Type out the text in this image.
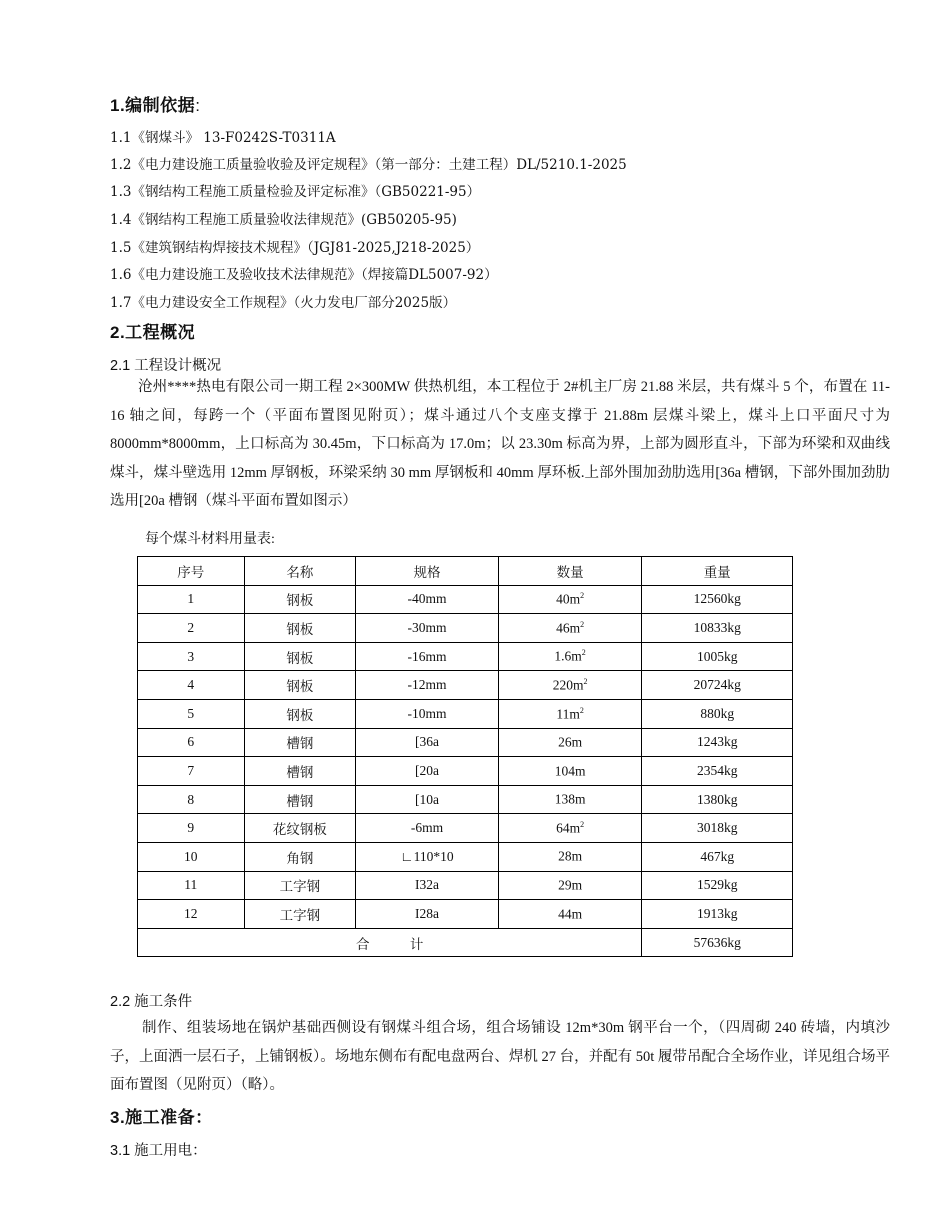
1.编制依据:
1.1《钢煤斗》 13-F0242S-T0311A
1.2《电力建设施工质量验收验及评定规程》（第一部分：土建工程）DL/5210.1-2025
1.3《钢结构工程施工质量检验及评定标准》（GB50221-95）
1.4《钢结构工程施工质量验收法律规范》(GB50205-95)
1.5《建筑钢结构焊接技术规程》（JGJ81-2025,J218-2025）
1.6《电力建设施工及验收技术法律规范》（焊接篇DL5007-92）
1.7《电力建设安全工作规程》（火力发电厂部分2025版）
2.工程概况
2.1 工程设计概况
沧州****热电有限公司一期工程 2×300MW 供热机组，本工程位于 2#机主厂房 21.88 米层，共有煤斗 5 个，布置在 11-16 轴之间，每跨一个（平面布置图见附页）；煤斗通过八个支座支撑于 21.88m 层煤斗梁上，煤斗上口平面尺寸为 8000mm*8000mm，上口标高为 30.45m，下口标高为 17.0m；以 23.30m 标高为界，上部为圆形直斗，下部为环梁和双曲线煤斗，煤斗壁选用 12mm 厚钢板，环梁采纳 30 mm 厚钢板和 40mm 厚环板.上部外围加劲肋选用[36a 槽钢，下部外围加劲肋选用[20a 槽钢（煤斗平面布置如图示）
每个煤斗材料用量表:
序号	名称	规格	数量	重量
1	钢板	-40mm	$40m^2$	12560kg
2	钢板	-30mm	$46m^2$	10833kg
3	钢板	-16mm	$1.6m^2$	1005kg
4	钢板	-12mm	$220m^2$	20724kg
5	钢板	-10mm	$11m^2$	880kg
6	槽钢	[36a	26m	1243kg
7	槽钢	[20a	104m	2354kg
8	槽钢	[10a	138m	1380kg
9	花纹钢板	-6mm	$64m^2$	3018kg
10	角钢	∟110*10	28m	467kg
11	工字钢	I32a	29m	1529kg
12	工字钢	I28a	44m	1913kg
合　　　计				57636kg
2.2 施工条件
制作、组装场地在锅炉基础西侧设有钢煤斗组合场，组合场铺设 12m*30m 钢平台一个，（四周砌 240 砖墙，内填沙子，上面洒一层石子，上铺钢板）。场地东侧布有配电盘两台、焊机 27 台，并配有 50t 履带吊配合全场作业，详见组合场平面布置图（见附页）（略）。
3.施工准备：
3.1 施工用电：
